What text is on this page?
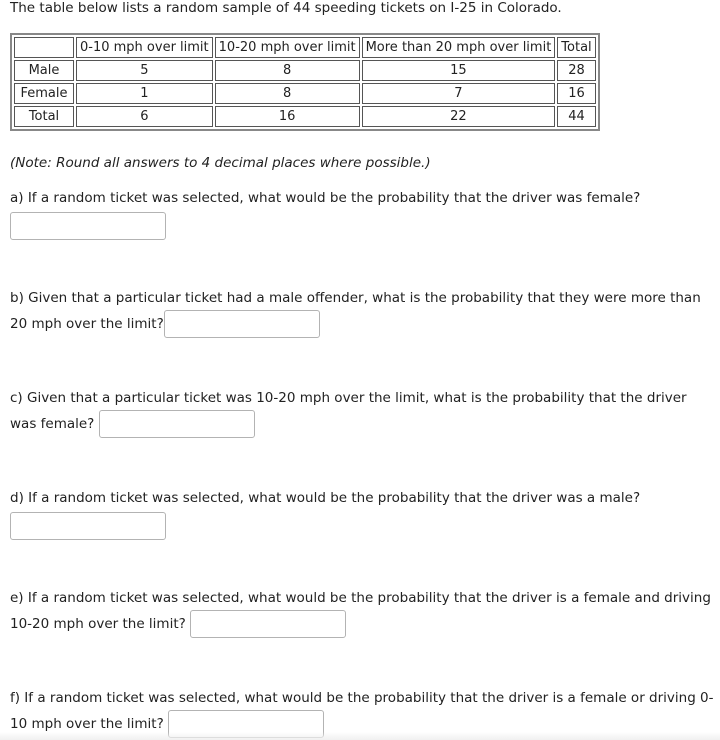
The table below lists a random sample of 44 speeding tickets on I-25 in Colorado.
	0-10 mph over limit	10-20 mph over limit	More than 20 mph over limit	Total
Male	5	8	15	28
Female	1	8	7	16
Total	6	16	22	44
(Note: Round all answers to 4 decimal places where possible.)
a) If a random ticket was selected, what would be the probability that the driver was female?
b) Given that a particular ticket had a male offender, what is the probability that they were more than 20 mph over the limit?
c) Given that a particular ticket was 10-20 mph over the limit, what is the probability that the driver was female?
d) If a random ticket was selected, what would be the probability that the driver was a male?
e) If a random ticket was selected, what would be the probability that the driver is a female and driving 10-20 mph over the limit?
f) If a random ticket was selected, what would be the probability that the driver is a female or driving 0-10 mph over the limit?
